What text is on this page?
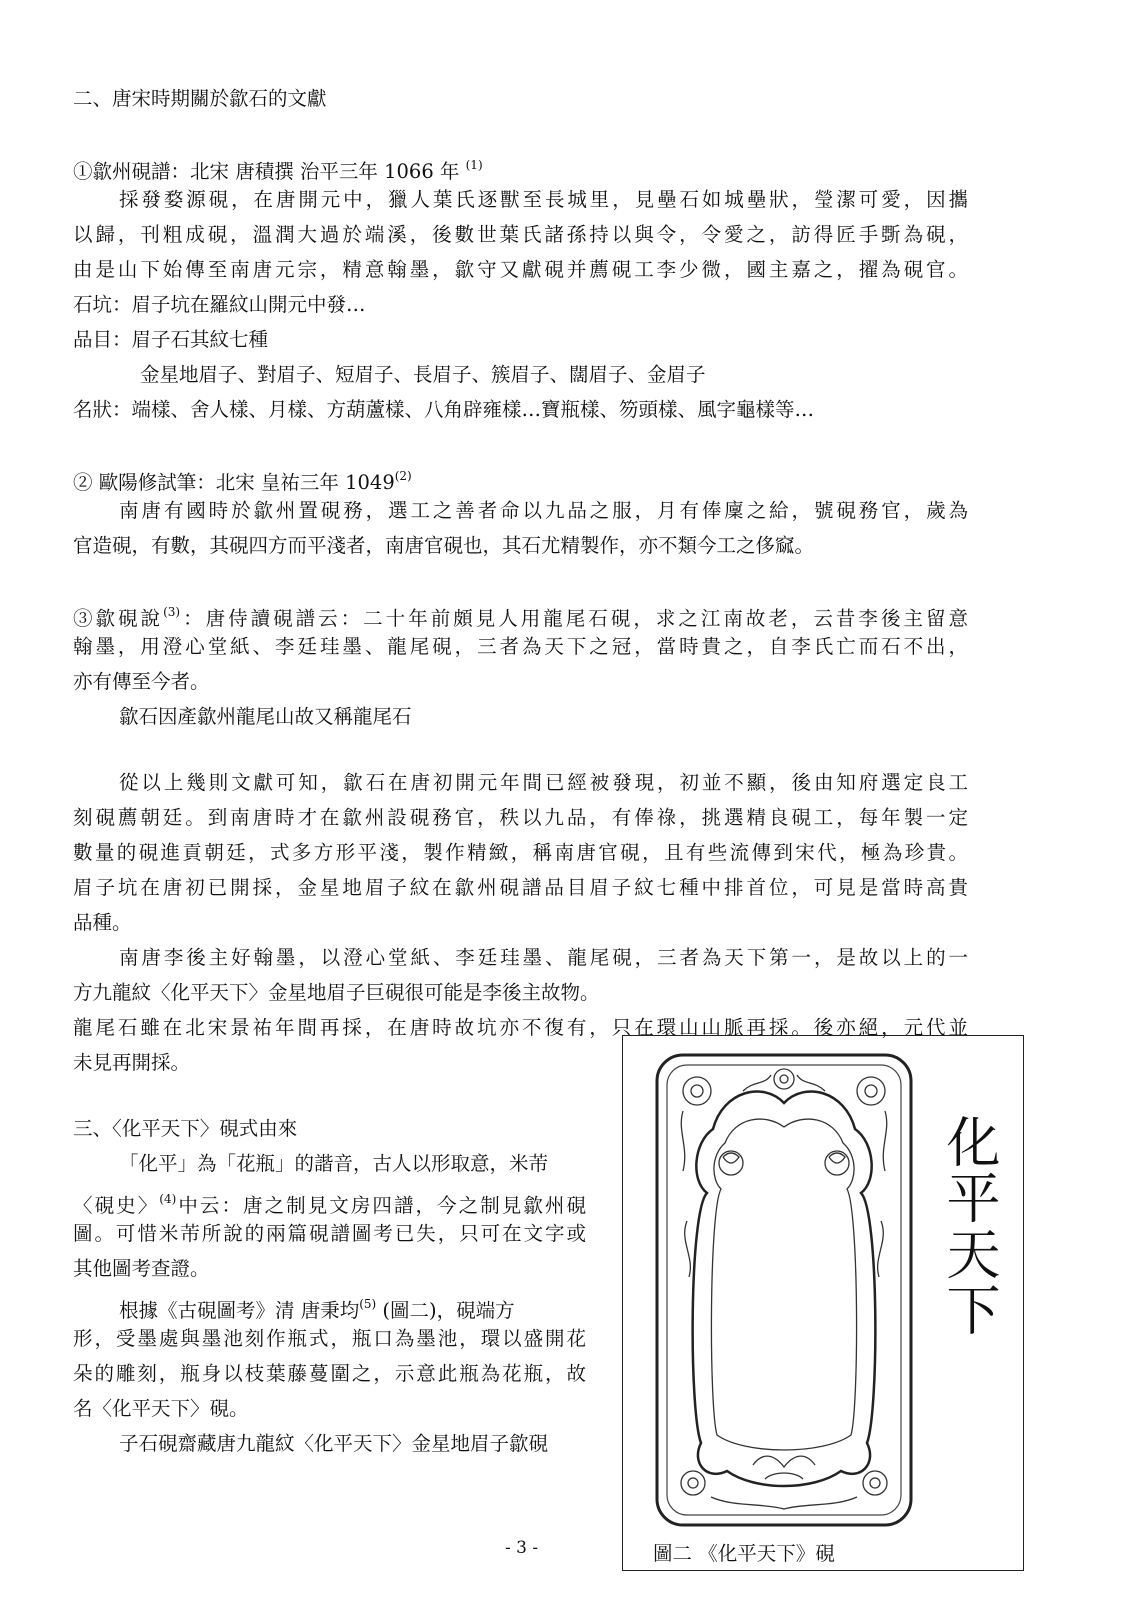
二、唐宋時期關於歙石的文獻
①歙州硯譜：北宋 唐積撰 治平三年 1066 年 $^{(1)}$
採發婺源硯，在唐開元中，獵人葉氏逐獸至長城里，見壘石如城壘狀，瑩潔可愛，因攜
以歸，刊粗成硯，溫潤大過於端溪，後數世葉氏諸孫持以與令，令愛之，訪得匠手斲為硯，
由是山下始傳至南唐元宗，精意翰墨，歙守又獻硯并薦硯工李少微，國主嘉之，擢為硯官。
石坑：眉子坑在羅紋山開元中發…
品目：眉子石其紋七種
金星地眉子、對眉子、短眉子、長眉子、簇眉子、闊眉子、金眉子
名狀：端樣、舍人樣、月樣、方葫蘆樣、八角辟雍樣…寶瓶樣、笏頭樣、風字龜樣等…
② 歐陽修試筆：北宋 皇祐三年 1049$^{(2)}$
南唐有國時於歙州置硯務，選工之善者命以九品之服，月有俸廩之給，號硯務官，歲為
官造硯，有數，其硯四方而平淺者，南唐官硯也，其石尤精製作，亦不類今工之侈窳。
③歙硯說$^{(3)}$：唐侍讀硯譜云：二十年前頗見人用龍尾石硯，求之江南故老，云昔李後主留意
翰墨，用澄心堂紙、李廷珪墨、龍尾硯，三者為天下之冠，當時貴之，自李氏亡而石不出，
亦有傳至今者。
歙石因產歙州龍尾山故又稱龍尾石
從以上幾則文獻可知，歙石在唐初開元年間已經被發現，初並不顯，後由知府選定良工
刻硯薦朝廷。到南唐時才在歙州設硯務官，秩以九品，有俸祿，挑選精良硯工，每年製一定
數量的硯進貢朝廷，式多方形平淺，製作精緻，稱南唐官硯，且有些流傳到宋代，極為珍貴。
眉子坑在唐初已開採，金星地眉子紋在歙州硯譜品目眉子紋七種中排首位，可見是當時高貴
品種。
南唐李後主好翰墨，以澄心堂紙、李廷珪墨、龍尾硯，三者為天下第一，是故以上的一
方九龍紋〈化平天下〉金星地眉子巨硯很可能是李後主故物。
龍尾石雖在北宋景祐年間再採，在唐時故坑亦不復有，只在環山山脈再採。後亦絕，元代並
未見再開採。
三、〈化平天下〉硯式由來
「化平」為「花瓶」的諧音，古人以形取意，米芾
〈硯史〉$^{(4)}$中云：唐之制見文房四譜，今之制見歙州硯
圖。可惜米芾所說的兩篇硯譜圖考已失，只可在文字或
其他圖考查證。
根據《古硯圖考》清 唐秉均$^{(5)}$ (圖二)，硯端方
形，受墨處與墨池刻作瓶式，瓶口為墨池，環以盛開花
朵的雕刻，瓶身以枝葉藤蔓圍之，示意此瓶為花瓶，故
名〈化平天下〉硯。
子石硯齋藏唐九龍紋〈化平天下〉金星地眉子歙硯
- 3 -
化平天下
圖二 《化平天下》硯
